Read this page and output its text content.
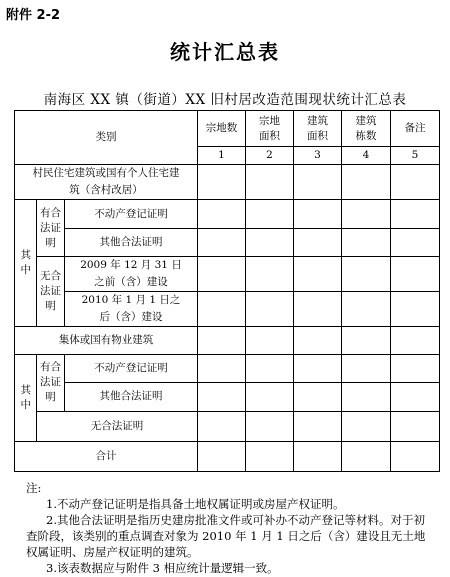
附件 2-2
统计汇总表
南海区 XX 镇（街道）XX 旧村居改造范围现状统计汇总表
类别			宗地数	宗地面积	建筑面积	建筑栋数	备注
			1	2	3	4	5
村民住宅建筑或国有个人住宅建筑（含村改居）							

其中	有合法证明	不动产登记证明					
		其他合法证明					

	无合法证明	2009 年 12 月 31 日之前（含）建设					
		2010 年 1 月 1 日之后（含）建设					
集体或国有物业建筑							

其中	有合法证明	不动产登记证明					
		其他合法证明					
	无合法证明						
合计							
注:
1.不动产登记证明是指具备土地权属证明或房屋产权证明。
2.其他合法证明是指历史建房批准文件或可补办不动产登记等材料。对于初查阶段，该类别的重点调查对象为 2010 年 1 月 1 日之后（含）建设且无土地权属证明、房屋产权证明的建筑。
3.该表数据应与附件 3 相应统计量逻辑一致。
